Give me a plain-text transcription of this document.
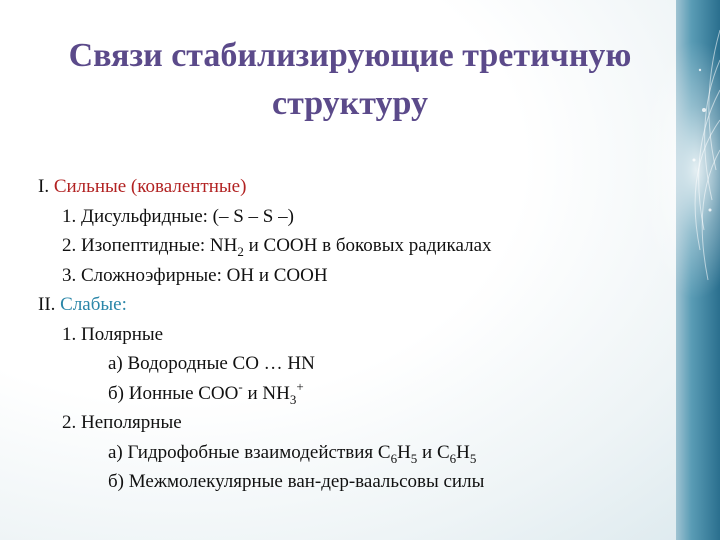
Связи стабилизирующие третичную
структуру
I. Сильные (ковалентные)
1. Дисульфидные: (– S – S –)
2. Изопептидные: $NH_2$ и COOH в боковых радикалах
3. Сложноэфирные: OH и COOH
II. Слабые:
1. Полярные
а) Водородные CO … HN
б) Ионные COO- и $NH_3^+$
2. Неполярные
а) Гидрофобные взаимодействия $C_6H_5$ и $C_6H_5$
б) Межмолекулярные ван-дер-ваальсовы силы
